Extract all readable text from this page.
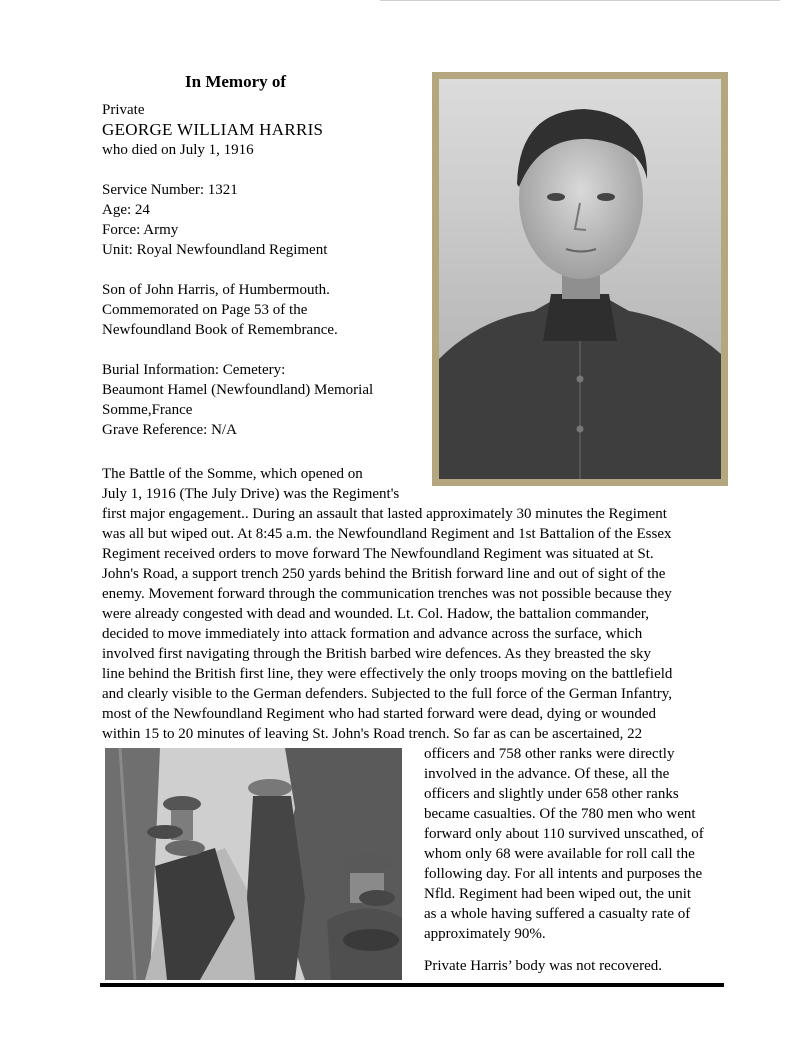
In Memory of
Private
GEORGE WILLIAM HARRIS
who died on July 1, 1916
Service Number: 1321
Age: 24
Force: Army
Unit: Royal Newfoundland Regiment
Son of John Harris, of Humbermouth.
Commemorated on Page 53 of the
Newfoundland Book of Remembrance.
Burial Information: Cemetery:
Beaumont Hamel (Newfoundland) Memorial
Somme,France
Grave Reference: N/A
The Battle of the Somme, which opened on
July 1, 1916 (The July Drive) was the Regiment's
first major engagement.. During an assault that lasted approximately 30 minutes the Regiment
was all but wiped out. At 8:45 a.m. the Newfoundland Regiment and 1st Battalion of the Essex
Regiment received orders to move forward The Newfoundland Regiment was situated at St.
John's Road, a support trench 250 yards behind the British forward line and out of sight of the
enemy. Movement forward through the communication trenches was not possible because they
were already congested with dead and wounded. Lt. Col. Hadow, the battalion commander,
decided to move immediately into attack formation and advance across the surface, which
involved first navigating through the British barbed wire defences. As they breasted the sky
line behind the British first line, they were effectively the only troops moving on the battlefield
and clearly visible to the German defenders. Subjected to the full force of the German Infantry,
most of the Newfoundland Regiment who had started forward were dead, dying or wounded
within 15 to 20 minutes of leaving St. John's Road trench. So far as can be ascertained, 22
officers and 758 other ranks were directly
involved in the advance. Of these, all the
officers and slightly under 658 other ranks
became casualties. Of the 780 men who went
forward only about 110 survived unscathed, of
whom only 68 were available for roll call the
following day. For all intents and purposes the
Nfld. Regiment had been wiped out, the unit
as a whole having suffered a casualty rate of
approximately 90%.
Private Harris’ body was not recovered.
